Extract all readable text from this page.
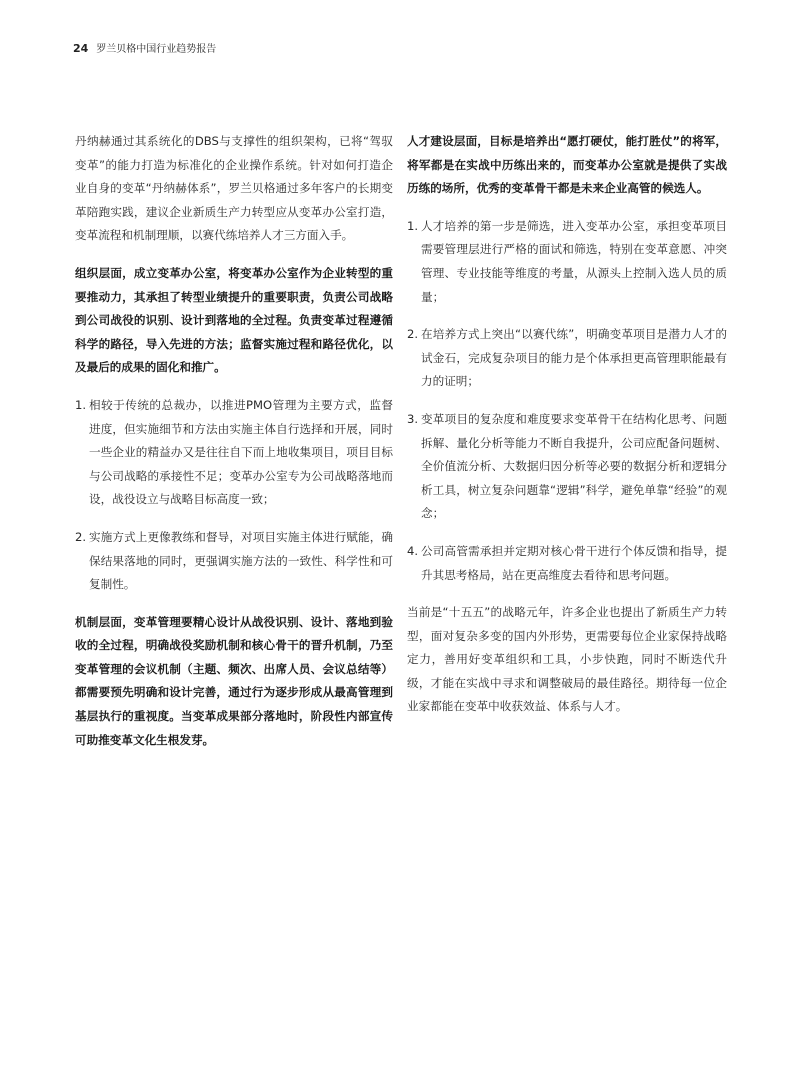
24 罗兰贝格中国行业趋势报告

丹纳赫通过其系统化的DBS与支撑性的组织架构，已将“驾驭变革”的能力打造为标准化的企业操作系统。针对如何打造企业自身的变革“丹纳赫体系”，罗兰贝格通过多年客户的长期变革陪跑实践，建议企业新质生产力转型应从变革办公室打造，变革流程和机制理顺，以赛代练培养人才三方面入手。

组织层面，成立变革办公室，将变革办公室作为企业转型的重要推动力，其承担了转型业绩提升的重要职责，负责公司战略到公司战役的识别、设计到落地的全过程。负责变革过程遵循科学的路径，导入先进的方法；监督实施过程和路径优化，以及最后的成果的固化和推广。

1. 相较于传统的总裁办，以推进PMO管理为主要方式，监督进度，但实施细节和方法由实施主体自行选择和开展，同时一些企业的精益办又是往往自下而上地收集项目，项目目标与公司战略的承接性不足；变革办公室专为公司战略落地而设，战役设立与战略目标高度一致；
2. 实施方式上更像教练和督导，对项目实施主体进行赋能，确保结果落地的同时，更强调实施方法的一致性、科学性和可复制性。

机制层面，变革管理要精心设计从战役识别、设计、落地到验收的全过程，明确战役奖励机制和核心骨干的晋升机制，乃至变革管理的会议机制（主题、频次、出席人员、会议总结等）都需要预先明确和设计完善，通过行为逐步形成从最高管理到基层执行的重视度。当变革成果部分落地时，阶段性内部宣传可助推变革文化生根发芽。

人才建设层面，目标是培养出“愿打硬仗，能打胜仗”的将军，将军都是在实战中历练出来的，而变革办公室就是提供了实战历练的场所，优秀的变革骨干都是未来企业高管的候选人。

1. 人才培养的第一步是筛选，进入变革办公室，承担变革项目需要管理层进行严格的面试和筛选，特别在变革意愿、冲突管理、专业技能等维度的考量，从源头上控制入选人员的质量；
2. 在培养方式上突出“以赛代练”，明确变革项目是潜力人才的试金石，完成复杂项目的能力是个体承担更高管理职能最有力的证明；
3. 变革项目的复杂度和难度要求变革骨干在结构化思考、问题拆解、量化分析等能力不断自我提升，公司应配备问题树、全价值流分析、大数据归因分析等必要的数据分析和逻辑分析工具，树立复杂问题靠“逻辑”科学，避免单靠“经验”的观念；
4. 公司高管需承担并定期对核心骨干进行个体反馈和指导，提升其思考格局，站在更高维度去看待和思考问题。

当前是“十五五”的战略元年，许多企业也提出了新质生产力转型，面对复杂多变的国内外形势，更需要每位企业家保持战略定力，善用好变革组织和工具，小步快跑，同时不断迭代升级，才能在实战中寻求和调整破局的最佳路径。期待每一位企业家都能在变革中收获效益、体系与人才。
